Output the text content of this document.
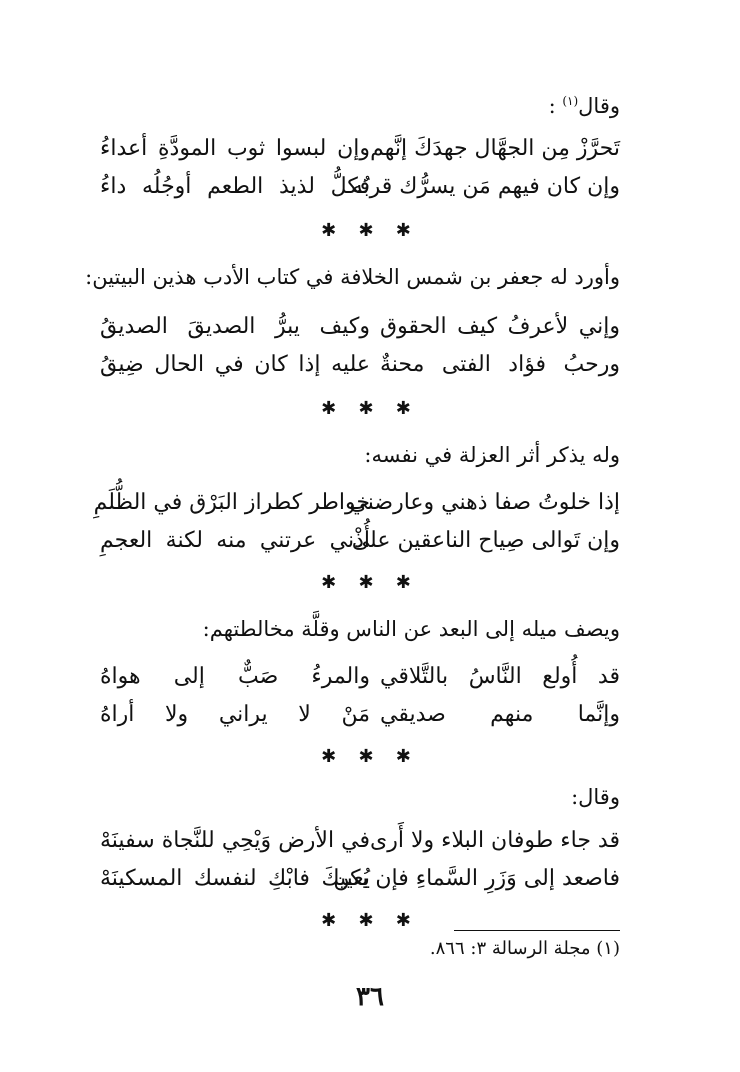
وقال$^{(١)}$ :
تَحرَّزْ مِن الجهَّال جهدَكَ إنَّهم
وإن لبسوا ثوب المودَّةِ أعداءُ
وإن كان فيهم مَن يسرُّك قربُه
فكلُّ لذيذ الطعم أوجُلُه داءُ
✱ ✱ ✱
وأورد له جعفر بن شمس الخلافة في كتاب الأدب هذين البيتين:
وإني لأعرفُ كيف الحقوق
وكيف يبرُّ الصديقَ الصديقُ
ورحبُ فؤاد الفتى محنةٌ
عليه إذا كان في الحال ضِيقُ
✱ ✱ ✱
وله يذكر أثر العزلة في نفسه:
إذا خلوتُ صفا ذهني وعارضني
خواطر كطراز البَرْق في الظُّلَمِ
وإن تَوالى صِياح الناعقين على
أُذْني عرتني منه لكنة العجمِ
✱ ✱ ✱
ويصف ميله إلى البعد عن الناس وقلَّة مخالطتهم:
قد أُولع النَّاسُ بالتَّلاقي
والمرءُ صَبٌّ إلى هواهُ
وإنَّما منهم صديقي
مَنْ لا يراني ولا أراهُ
✱ ✱ ✱
وقال:
قد جاء طوفان البلاء ولا أَرى
في الأرض وَيْحِي للنَّجاة سفينَهْ
فاصعد إلى وَزَرِ السَّماءِ فإن يكن
يُعييكَ فابْكِ لنفسك المسكينَهْ
✱ ✱ ✱
(١) مجلة الرسالة ٣: ٨٦٦.
٣٦
